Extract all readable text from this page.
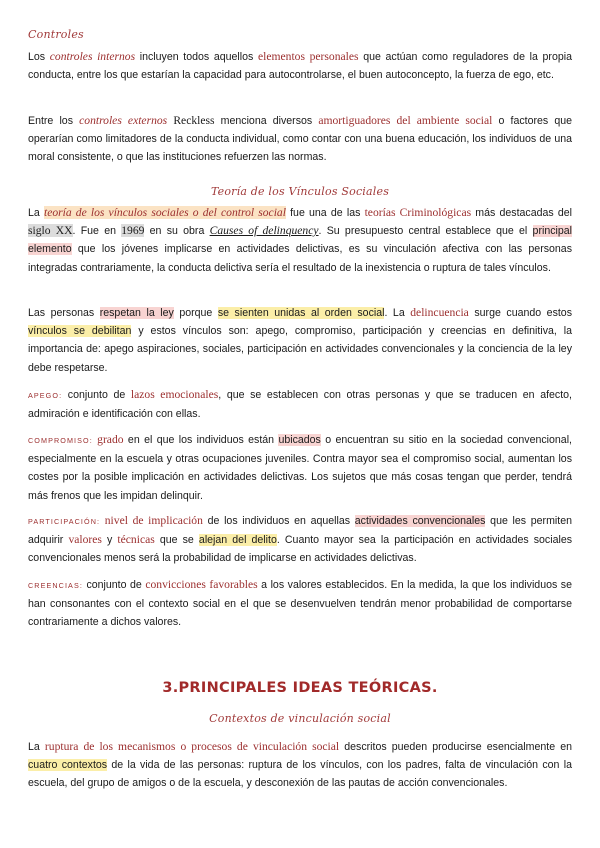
Controles

Los controles internos incluyen todos aquellos elementos personales que actúan como reguladores de la propia conducta, entre los que estarían la capacidad para autocontrolarse, el buen autoconcepto, la fuerza de ego, etc.

Entre los controles externos Reckless menciona diversos amortiguadores del ambiente social o factores que operarían como limitadores de la conducta individual, como contar con una buena educación, los individuos de una moral consistente, o que las instituciones refuerzen las normas.

Teoría de los Vínculos Sociales

La teoría de los vínculos sociales o del control social fue una de las teorías Criminológicas más destacadas del siglo XX. Fue en 1969 en su obra Causes of delinquency. Su presupuesto central establece que el principal elemento que los jóvenes implicarse en actividades delictivas, es su vinculación afectiva con las personas integradas contrariamente, la conducta delictiva sería el resultado de la inexistencia o ruptura de tales vínculos.

Las personas respetan la ley porque se sienten unidas al orden social. La delincuencia surge cuando estos vínculos se debilitan y estos vínculos son: apego, compromiso, participación y creencias en definitiva, la importancia de: apego aspiraciones, sociales, participación en actividades convencionales y la conciencia de la ley debe respetarse.

APEGO: conjunto de lazos emocionales, que se establecen con otras personas y que se traducen en afecto, admiración e identificación con ellas.

COMPROMISO: grado en el que los individuos están ubicados o encuentran su sitio en la sociedad convencional, especialmente en la escuela y otras ocupaciones juveniles. Contra mayor sea el compromiso social, aumentan los costes por la posible implicación en actividades delictivas. Los sujetos que más cosas tengan que perder, tendrá más frenos que les impidan delinquir.

PARTICIPACIÓN: nivel de implicación de los individuos en aquellas actividades convencionales que les permiten adquirir valores y técnicas que se alejan del delito. Cuanto mayor sea la participación en actividades sociales convencionales menos será la probabilidad de implicarse en actividades delictivas.

CREENCIAS: conjunto de convicciones favorables a los valores establecidos. En la medida, la que los individuos se han consonantes con el contexto social en el que se desenvuelven tendrán menor probabilidad de comportarse contrariamente a dichos valores.

3.PRINCIPALES IDEAS TEÓRICAS.
Contextos de vinculación social

La ruptura de los mecanismos o procesos de vinculación social descritos pueden producirse esencialmente en cuatro contextos de la vida de las personas: ruptura de los vínculos, con los padres, falta de vinculación con la escuela, del grupo de amigos o de la escuela, y desconexión de las pautas de acción convencionales.
